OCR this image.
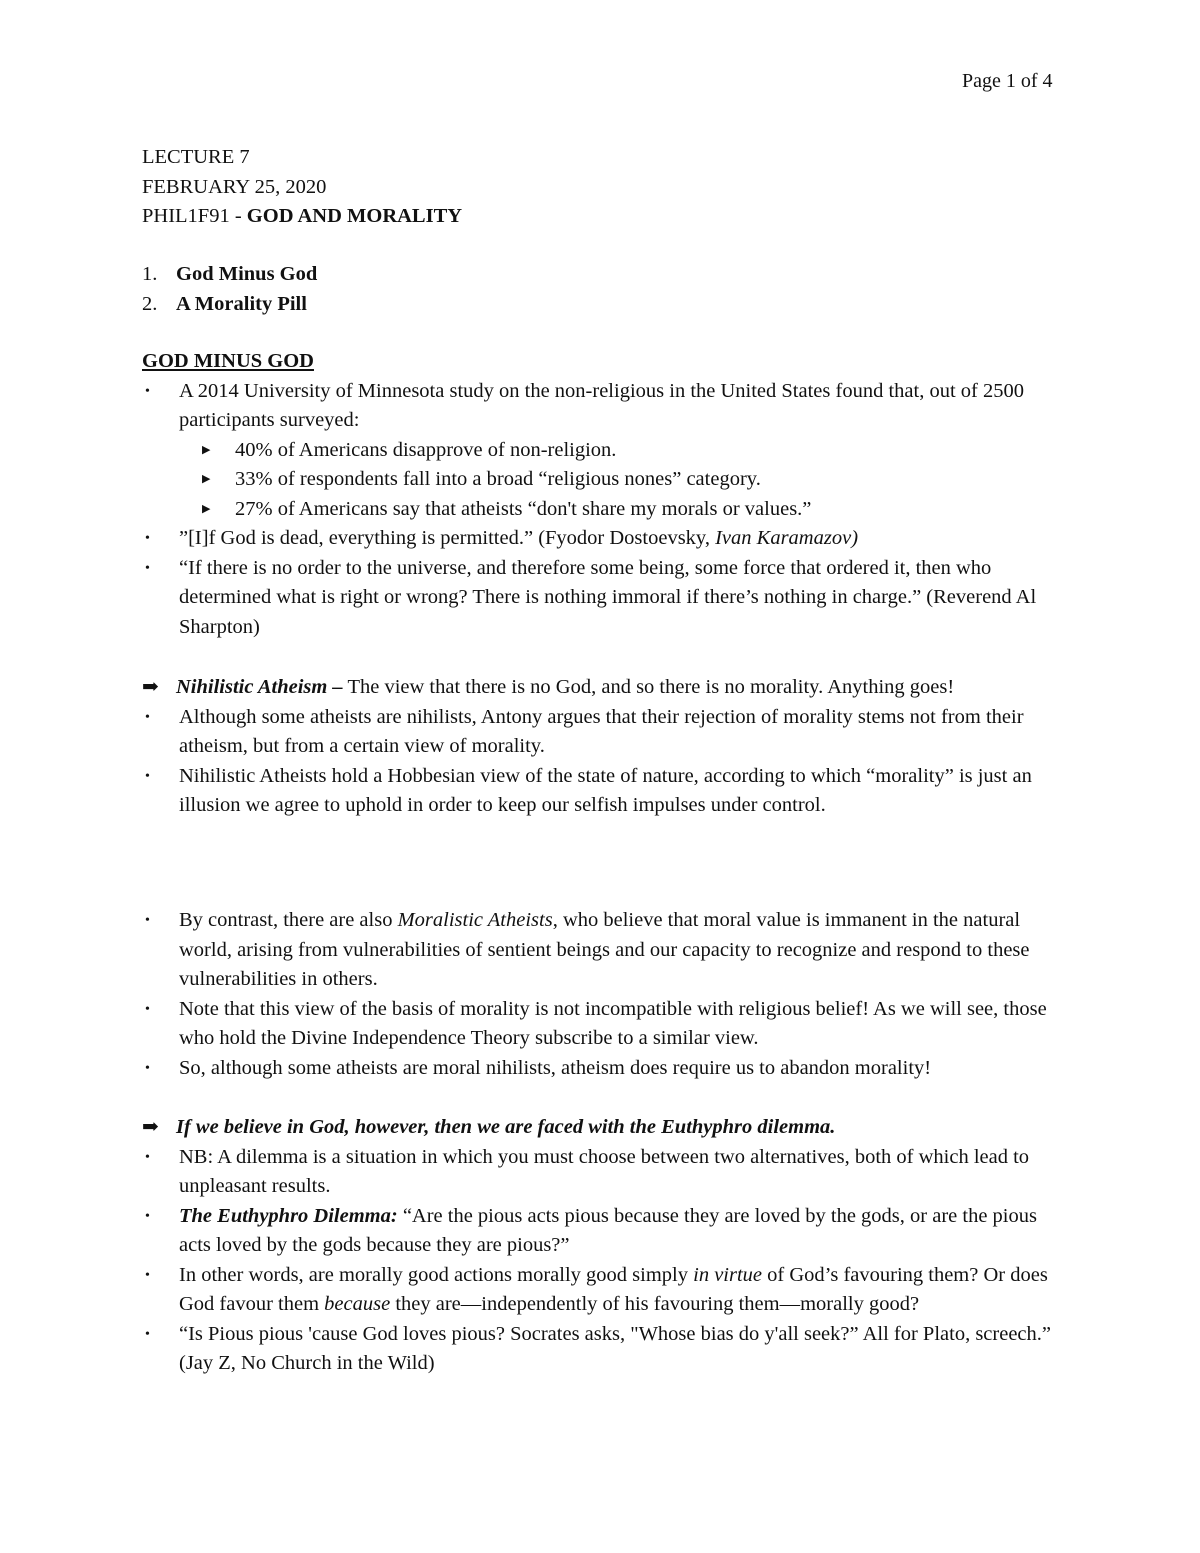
Page 1 of 4
LECTURE 7
FEBRUARY 25, 2020
PHIL1F91 - GOD AND MORALITY
1. God Minus God
2. A Morality Pill
GOD MINUS GOD
•	A 2014 University of Minnesota study on the non-religious in the United States found that, out of 2500 participants surveyed:
▶	40% of Americans disapprove of non-religion.
▶	33% of respondents fall into a broad “religious nones” category.
▶	27% of Americans say that atheists “don't share my morals or values.”
•	”[I]f God is dead, everything is permitted.” (Fyodor Dostoevsky, Ivan Karamazov)
•	“If there is no order to the universe, and therefore some being, some force that ordered it, then who determined what is right or wrong? There is nothing immoral if there’s nothing in charge.” (Reverend Al Sharpton)
➡ Nihilistic Atheism – The view that there is no God, and so there is no morality. Anything goes!
•	Although some atheists are nihilists, Antony argues that their rejection of morality stems not from their atheism, but from a certain view of morality.
•	Nihilistic Atheists hold a Hobbesian view of the state of nature, according to which “morality” is just an illusion we agree to uphold in order to keep our selfish impulses under control.
•	By contrast, there are also Moralistic Atheists, who believe that moral value is immanent in the natural world, arising from vulnerabilities of sentient beings and our capacity to recognize and respond to these vulnerabilities in others.
•	Note that this view of the basis of morality is not incompatible with religious belief! As we will see, those who hold the Divine Independence Theory subscribe to a similar view.
•	So, although some atheists are moral nihilists, atheism does require us to abandon morality!
➡ If we believe in God, however, then we are faced with the Euthyphro dilemma.
•	NB: A dilemma is a situation in which you must choose between two alternatives, both of which lead to unpleasant results.
•	The Euthyphro Dilemma: “Are the pious acts pious because they are loved by the gods, or are the pious acts loved by the gods because they are pious?”
•	In other words, are morally good actions morally good simply in virtue of God’s favouring them? Or does God favour them because they are—independently of his favouring them—morally good?
•	“Is Pious pious 'cause God loves pious? Socrates asks, "Whose bias do y'all seek?” All for Plato, screech.” (Jay Z, No Church in the Wild)
